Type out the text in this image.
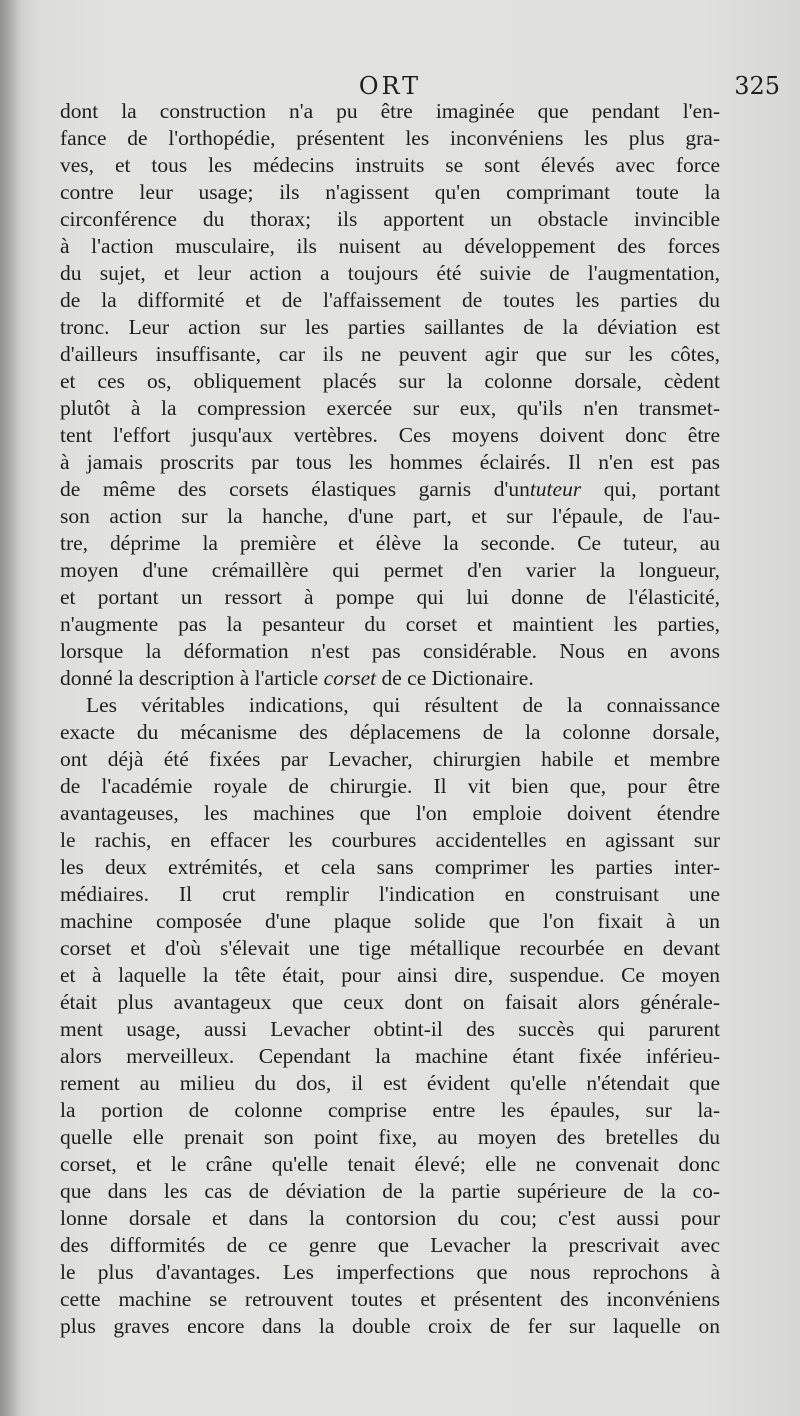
ORT	325
dont la construction n'a pu être imaginée que pendant l'en-
fance de l'orthopédie, présentent les inconvéniens les plus gra-
ves, et tous les médecins instruits se sont élevés avec force
contre leur usage; ils n'agissent qu'en comprimant toute la
circonférence du thorax; ils apportent un obstacle invincible
à l'action musculaire, ils nuisent au développement des forces
du sujet, et leur action a toujours été suivie de l'augmentation,
de la difformité et de l'affaissement de toutes les parties du
tronc. Leur action sur les parties saillantes de la déviation est
d'ailleurs insuffisante, car ils ne peuvent agir que sur les côtes,
et ces os, obliquement placés sur la colonne dorsale, cèdent
plutôt à la compression exercée sur eux, qu'ils n'en transmet-
tent l'effort jusqu'aux vertèbres. Ces moyens doivent donc être
à jamais proscrits par tous les hommes éclairés. Il n'en est pas
de même des corsets élastiques garnis d'untuteur qui, portant
son action sur la hanche, d'une part, et sur l'épaule, de l'au-
tre, déprime la première et élève la seconde. Ce tuteur, au
moyen d'une crémaillère qui permet d'en varier la longueur,
et portant un ressort à pompe qui lui donne de l'élasticité,
n'augmente pas la pesanteur du corset et maintient les parties,
lorsque la déformation n'est pas considérable. Nous en avons
donné la description à l'article corset de ce Dictionaire.
Les véritables indications, qui résultent de la connaissance
exacte du mécanisme des déplacemens de la colonne dorsale,
ont déjà été fixées par Levacher, chirurgien habile et membre
de l'académie royale de chirurgie. Il vit bien que, pour être
avantageuses, les machines que l'on emploie doivent étendre
le rachis, en effacer les courbures accidentelles en agissant sur
les deux extrémités, et cela sans comprimer les parties inter-
médiaires. Il crut remplir l'indication en construisant une
machine composée d'une plaque solide que l'on fixait à un
corset et d'où s'élevait une tige métallique recourbée en devant
et à laquelle la tête était, pour ainsi dire, suspendue. Ce moyen
était plus avantageux que ceux dont on faisait alors générale-
ment usage, aussi Levacher obtint-il des succès qui parurent
alors merveilleux. Cependant la machine étant fixée inférieu-
rement au milieu du dos, il est évident qu'elle n'étendait que
la portion de colonne comprise entre les épaules, sur la-
quelle elle prenait son point fixe, au moyen des bretelles du
corset, et le crâne qu'elle tenait élevé; elle ne convenait donc
que dans les cas de déviation de la partie supérieure de la co-
lonne dorsale et dans la contorsion du cou; c'est aussi pour
des difformités de ce genre que Levacher la prescrivait avec
le plus d'avantages. Les imperfections que nous reprochons à
cette machine se retrouvent toutes et présentent des inconvéniens
plus graves encore dans la double croix de fer sur laquelle on
